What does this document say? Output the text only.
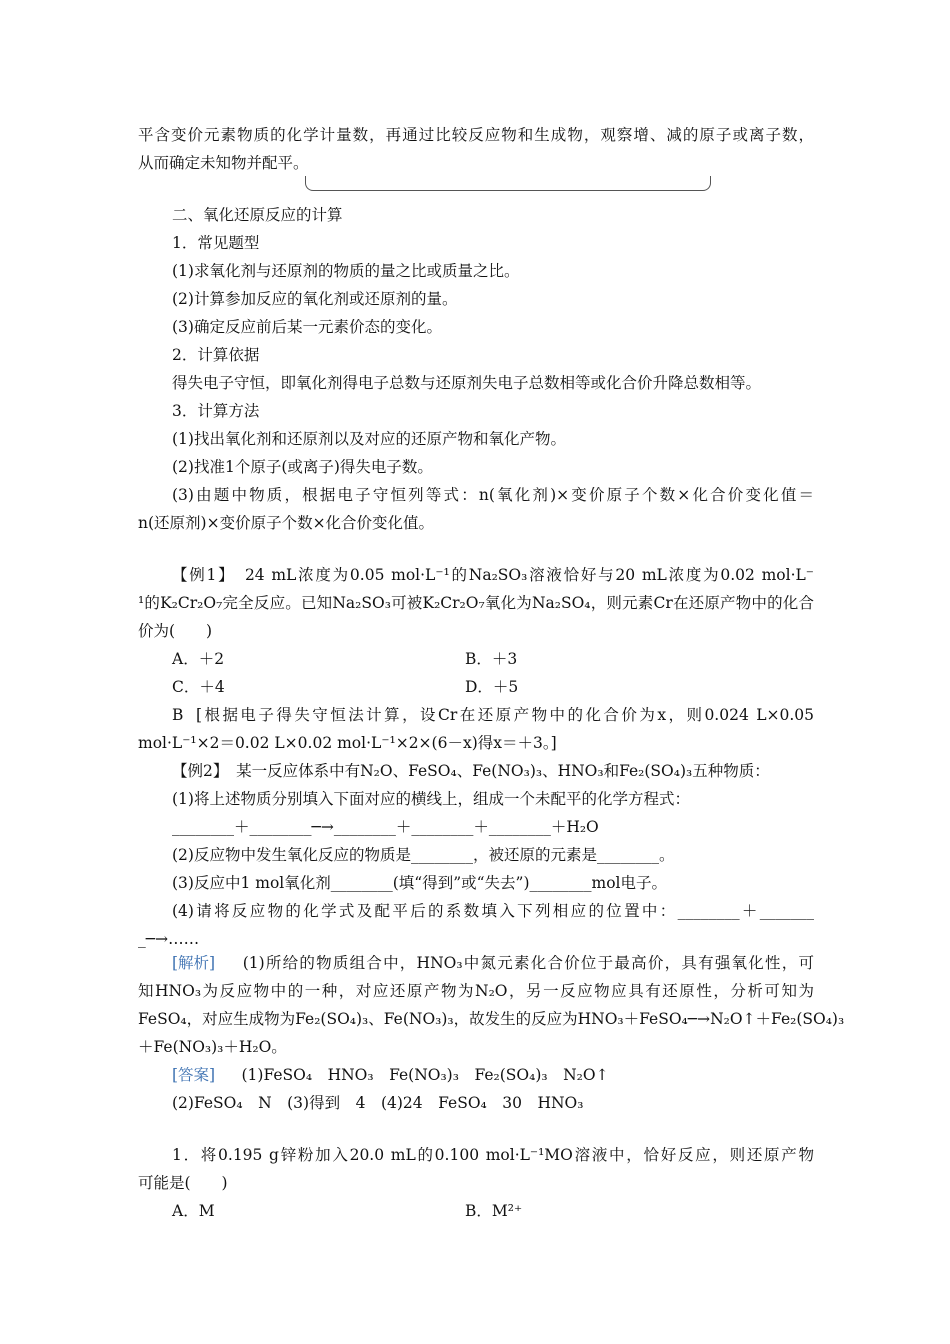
平含变价元素物质的化学计量数，再通过比较反应物和生成物，观察增、减的原子或离子数，
从而确定未知物并配平。
二、氧化还原反应的计算
1．常见题型
(1)求氧化剂与还原剂的物质的量之比或质量之比。
(2)计算参加反应的氧化剂或还原剂的量。
(3)确定反应前后某一元素价态的变化。
2．计算依据
得失电子守恒，即氧化剂得电子总数与还原剂失电子总数相等或化合价升降总数相等。
3．计算方法
(1)找出氧化剂和还原剂以及对应的还原产物和氧化产物。
(2)找准1个原子(或离子)得失电子数。
(3)由题中物质，根据电子守恒列等式：n(氧化剂)×变价原子个数×化合价变化值＝
n(还原剂)×变价原子个数×化合价变化值。
【例1】　24 mL浓度为0.05 mol·L⁻¹的Na₂SO₃溶液恰好与20 mL浓度为0.02 mol·L⁻
¹的K₂Cr₂O₇完全反应。已知Na₂SO₃可被K₂Cr₂O₇氧化为Na₂SO₄，则元素Cr在还原产物中的化合
价为(　　)
A．＋2	B．＋3
C．＋4	D．＋5
B [根据电子得失守恒法计算，设Cr在还原产物中的化合价为x，则0.024 L×0.05
mol·L⁻¹×2＝0.02 L×0.02 mol·L⁻¹×2×(6－x)得x＝＋3。]
【例2】　某一反应体系中有N₂O、FeSO₄、Fe(NO₃)₃、HNO₃和Fe₂(SO₄)₃五种物质：
(1)将上述物质分别填入下面对应的横线上，组成一个未配平的化学方程式：
________＋________─→________＋________＋________＋H₂O
(2)反应物中发生氧化反应的物质是________，被还原的元素是________。
(3)反应中1 mol氧化剂________(填“得到”或“失去”)________mol电子。
(4)请将反应物的化学式及配平后的系数填入下列相应的位置中：________＋_______
_─→……
[解析] 　(1)所给的物质组合中，HNO₃中氮元素化合价位于最高价，具有强氧化性，可
知HNO₃为反应物中的一种，对应还原产物为N₂O，另一反应物应具有还原性，分析可知为
FeSO₄，对应生成物为Fe₂(SO₄)₃、Fe(NO₃)₃，故发生的反应为HNO₃＋FeSO₄─→N₂O↑＋Fe₂(SO₄)₃
＋Fe(NO₃)₃＋H₂O。
[答案] 　(1)FeSO₄　HNO₃　Fe(NO₃)₃　Fe₂(SO₄)₃　N₂O↑
(2)FeSO₄　N　(3)得到　4　(4)24　FeSO₄　30　HNO₃
1．将0.195 g锌粉加入20.0 mL的0.100 mol·L⁻¹MO溶液中，恰好反应，则还原产物
可能是(　　)
A．M	B．M²⁺
